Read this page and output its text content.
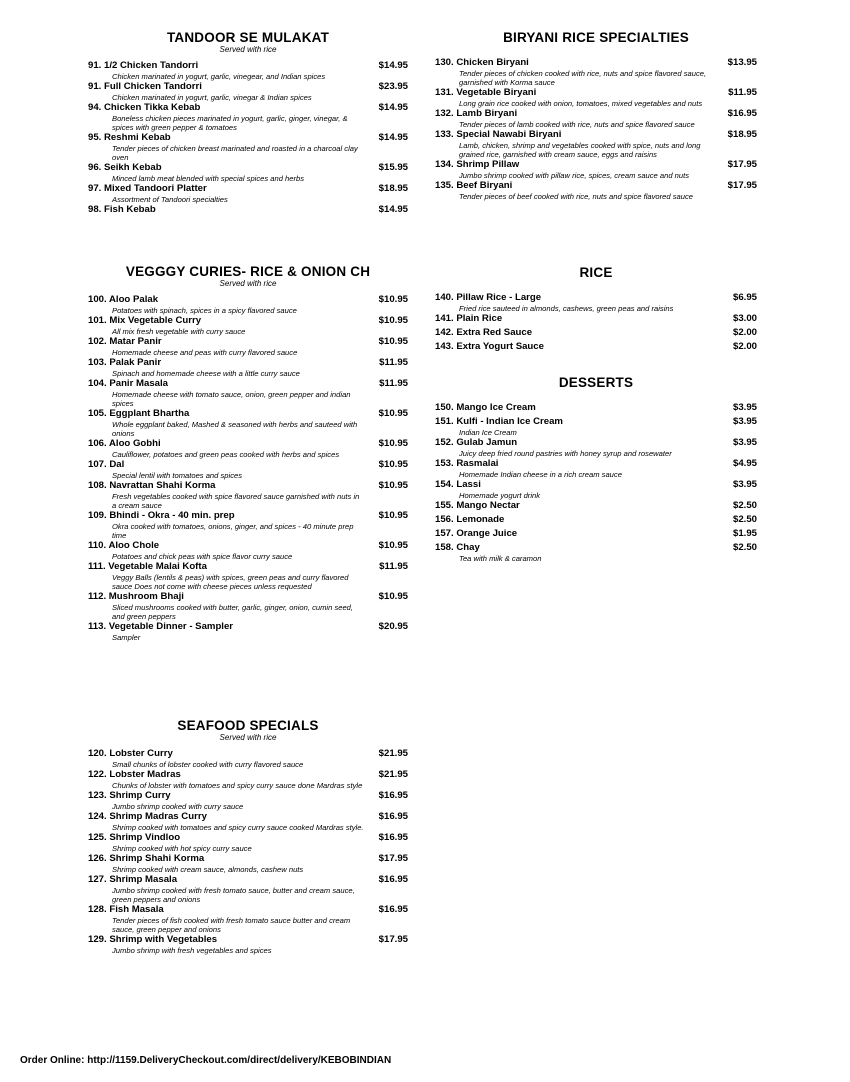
TANDOOR SE MULAKAT
Served with rice
91. 1/2 Chicken Tandorri	$14.95
Chicken marinated in yogurt, garlic, vinegear, and Indian spices
91. Full Chicken Tandorri	$23.95
Chicken marinated in yogurt, garlic, vinegar & Indian spices
94. Chicken Tikka Kebab	$14.95
Boneless chicken pieces marinated in yogurt, garlic, ginger, vinegar, & spices with green pepper & tomatoes
95. Reshmi Kebab	$14.95
Tender pieces of chicken breast marinated and roasted in a charcoal clay oven
96. Seikh Kebab	$15.95
Minced lamb meat blended with special spices and herbs
97. Mixed Tandoori Platter	$18.95
Assortment of Tandoori specialties
98. Fish Kebab	$14.95
VEGGGY CURIES- RICE & ONION CH
Served with rice
100. Aloo Palak	$10.95
Potatoes with spinach, spices in a spicy flavored sauce
101. Mix Vegetable Curry	$10.95
All mix fresh vegetable with curry sauce
102. Matar Panir	$10.95
Homemade cheese and peas with curry flavored sauce
103. Palak Panir	$11.95
Spinach and homemade cheese with a little curry sauce
104. Panir Masala	$11.95
Homemade cheese with tomato sauce, onion, green pepper and indian spices
105. Eggplant Bhartha	$10.95
Whole eggplant baked, Mashed & seasoned with herbs and sauteed with onions
106. Aloo Gobhi	$10.95
Cauliflower, potatoes and green peas cooked with herbs and spices
107. Dal	$10.95
Special lentil with tomatoes and spices
108. Navrattan Shahi Korma	$10.95
Fresh vegetables cooked with spice flavored sauce garnished with nuts in a cream sauce
109. Bhindi - Okra - 40 min. prep	$10.95
Okra cooked with tomatoes, onions, ginger, and spices - 40 minute prep time
110. Aloo Chole	$10.95
Potatoes and chick peas with spice flavor curry sauce
111. Vegetable Malai Kofta	$11.95
Veggy Balls (lentils & peas) with spices, green peas and curry flavored sauce Does not come with cheese pieces unless requested
112. Mushroom Bhaji	$10.95
Sliced mushrooms cooked with butter, garlic, ginger, onion, cumin seed, and green peppers
113. Vegetable Dinner - Sampler	$20.95
Sampler
SEAFOOD SPECIALS
Served with rice
120. Lobster Curry	$21.95
Small chunks of lobster cooked with curry flavored sauce
122. Lobster Madras	$21.95
Chunks of lobster with tomatoes and spicy curry sauce done Mardras style
123. Shrimp Curry	$16.95
Jumbo shrimp cooked with curry sauce
124. Shrimp Madras Curry	$16.95
Shrimp cooked with tomatoes and spicy curry sauce cooked Mardras style.
125. Shrimp Vindloo	$16.95
Shrimp cooked with hot spicy curry sauce
126. Shrimp Shahi Korma	$17.95
Shrimp cooked with cream sauce, almonds, cashew nuts
127. Shrimp Masala	$16.95
Jumbo shrimp cooked with fresh tomato sauce, butter and cream sauce, green peppers and onions
128. Fish Masala	$16.95
Tender pieces of fish cooked with fresh tomato sauce butter and cream sauce, green pepper and onions
129. Shrimp with Vegetables	$17.95
Jumbo shrimp with fresh vegetables and spices
BIRYANI RICE SPECIALTIES
130. Chicken Biryani	$13.95
Tender pieces of chicken cooked with rice, nuts and spice flavored sauce, garnished with Korma sauce
131. Vegetable Biryani	$11.95
Long grain rice cooked with onion, tomatoes, mixed vegetables and nuts
132. Lamb Biryani	$16.95
Tender pieces of lamb cooked with rice, nuts and spice flavored sauce
133. Special Nawabi Biryani	$18.95
Lamb, chicken, shrimp and vegetables cooked with spice, nuts and long grained rice, garnished with cream sauce, eggs and raisins
134. Shrimp Pillaw	$17.95
Jumbo shrimp cooked with pillaw rice, spices, cream sauce and nuts
135. Beef Biryani	$17.95
Tender pieces of beef cooked with rice, nuts and spice flavored sauce
RICE
140. Pillaw Rice - Large	$6.95
Fried rice sauteed in almonds, cashews, green peas and raisins
141. Plain Rice	$3.00
142. Extra Red Sauce	$2.00
143. Extra Yogurt Sauce	$2.00
DESSERTS
150. Mango Ice Cream	$3.95
151. Kulfi - Indian Ice Cream	$3.95
Indian Ice Cream
152. Gulab Jamun	$3.95
Juicy deep fried round pastries with honey syrup and rosewater
153. Rasmalai	$4.95
Homemade Indian cheese in a rich cream sauce
154. Lassi	$3.95
Homemade yogurt drink
155. Mango Nectar	$2.50
156. Lemonade	$2.50
157. Orange Juice	$1.95
158. Chay	$2.50
Tea with milk & caramon
Order Online: http://1159.DeliveryCheckout.com/direct/delivery/KEBOBINDIAN
